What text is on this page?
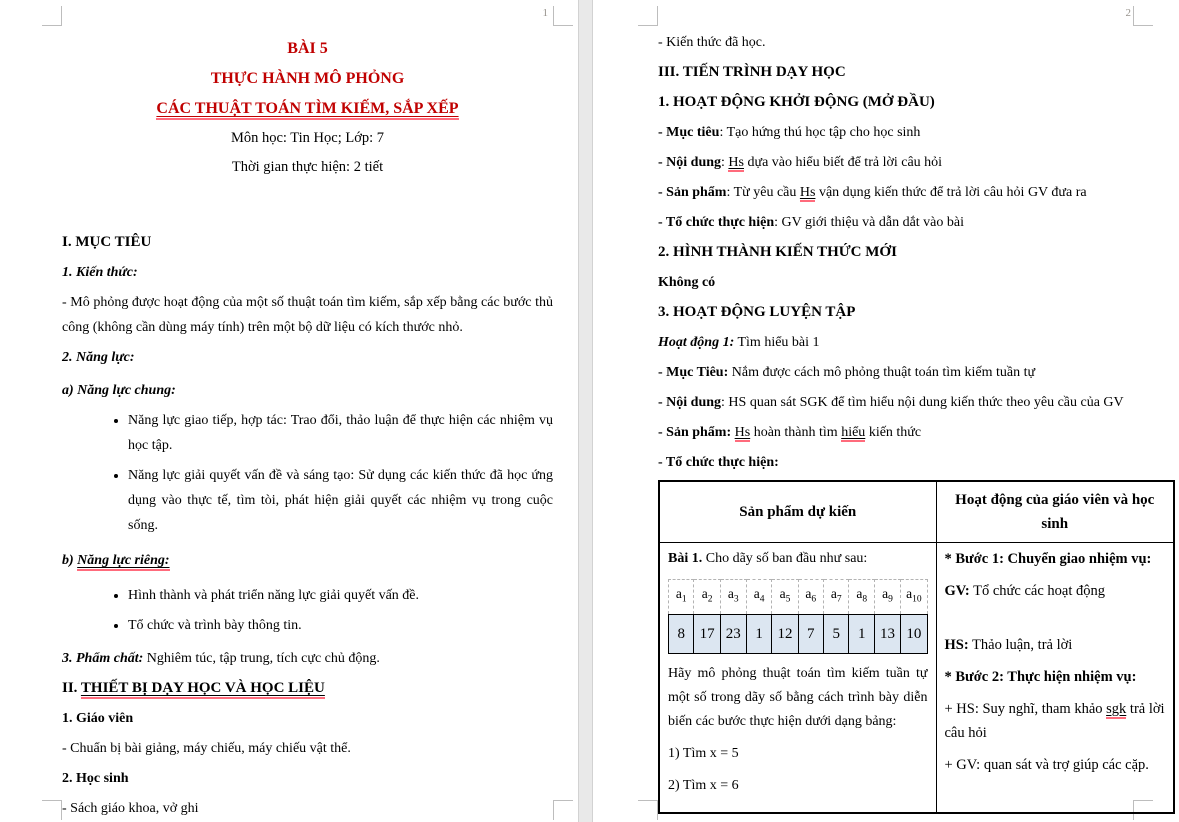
1

BÀI 5

THỰC HÀNH MÔ PHỎNG

CÁC THUẬT TOÁN TÌM KIẾM, SẮP XẾP

Môn học: Tin Học; Lớp: 7

Thời gian thực hiện: 2 tiết

I. MỤC TIÊU

1. Kiến thức:

- Mô phỏng được hoạt động của một số thuật toán tìm kiếm, sắp xếp bằng các bước thủ công (không cần dùng máy tính) trên một bộ dữ liệu có kích thước nhỏ.

2. Năng lực:

a) Năng lực chung:

• Năng lực giao tiếp, hợp tác: Trao đổi, thảo luận để thực hiện các nhiệm vụ học tập.
• Năng lực giải quyết vấn đề và sáng tạo: Sử dụng các kiến thức đã học ứng dụng vào thực tế, tìm tòi, phát hiện giải quyết các nhiệm vụ trong cuộc sống.

b) Năng lực riêng:

• Hình thành và phát triển năng lực giải quyết vấn đề.
• Tổ chức và trình bày thông tin.

3. Phẩm chất: Nghiêm túc, tập trung, tích cực chủ động.

II. THIẾT BỊ DẠY HỌC VÀ HỌC LIỆU

1. Giáo viên

- Chuẩn bị bài giảng, máy chiếu, máy chiếu vật thể.

2. Học sinh

- Sách giáo khoa, vở ghi

2

- Kiến thức đã học.

III. TIẾN TRÌNH DẠY HỌC

1. HOẠT ĐỘNG KHỞI ĐỘNG (MỞ ĐẦU)

- Mục tiêu: Tạo hứng thú học tập cho học sinh

- Nội dung: Hs dựa vào hiểu biết để trả lời câu hỏi

- Sản phẩm: Từ yêu cầu Hs vận dụng kiến thức để trả lời câu hỏi GV đưa ra

- Tổ chức thực hiện: GV giới thiệu và dẫn dắt vào bài

2. HÌNH THÀNH KIẾN THỨC MỚI

Không có

3. HOẠT ĐỘNG LUYỆN TẬP

Hoạt động 1: Tìm hiểu bài 1

- Mục Tiêu: Nắm được cách mô phỏng thuật toán tìm kiếm tuần tự

- Nội dung: HS quan sát SGK để tìm hiểu nội dung kiến thức theo yêu cầu của GV

- Sản phẩm: Hs hoàn thành tìm hiểu kiến thức

- Tổ chức thực hiện:

Sản phẩm dự kiến	Hoạt động của giáo viên và học sinh

Bài 1. Cho dãy số ban đầu như sau:

$a_1$	$a_2$	$a_3$	$a_4$	$a_5$	$a_6$	$a_7$	$a_8$	$a_9$	$a_{10}$
8	17	23	1	12	7	5	1	13	10

Hãy mô phỏng thuật toán tìm kiếm tuần tự một số trong dãy số bằng cách trình bày diễn biến các bước thực hiện dưới dạng bảng:

1) Tìm x = 5

2) Tìm x = 6

* Bước 1: Chuyển giao nhiệm vụ:

GV: Tổ chức các hoạt động

HS: Thảo luận, trả lời

* Bước 2: Thực hiện nhiệm vụ:

+ HS: Suy nghĩ, tham khảo sgk trả lời câu hỏi

+ GV: quan sát và trợ giúp các cặp.
